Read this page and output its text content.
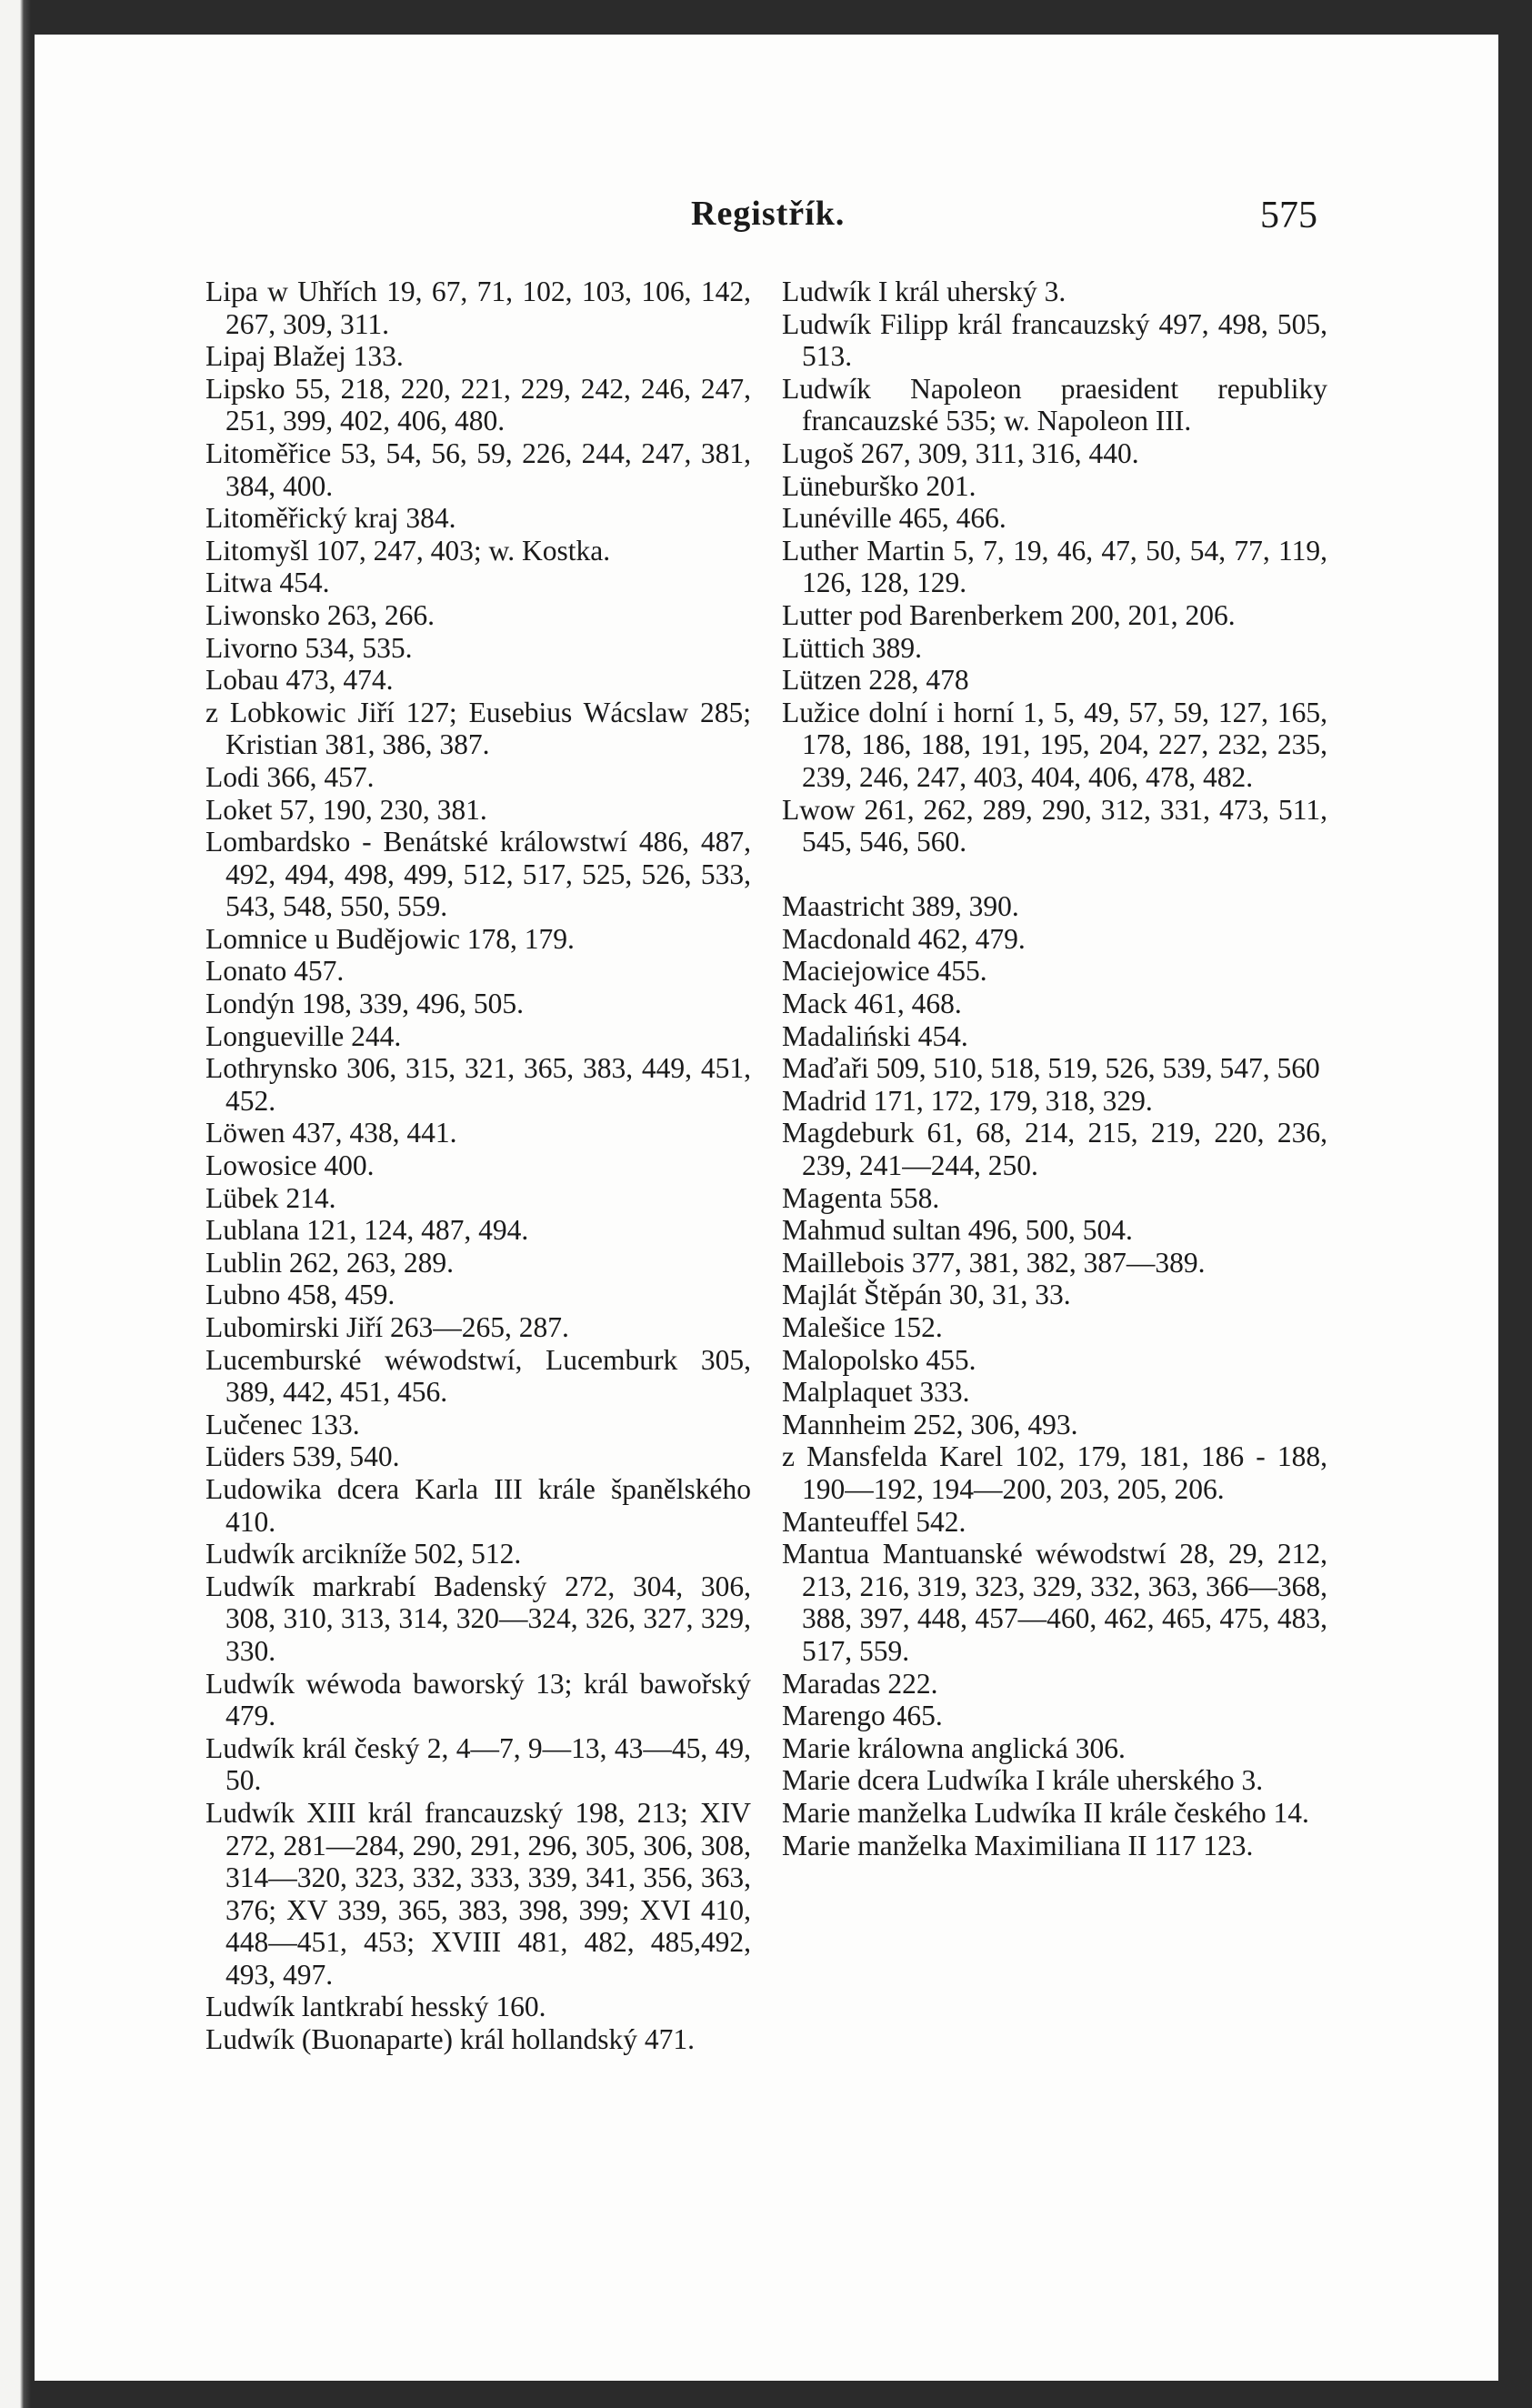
Registřík.	575

Lipa w Uhřích 19, 67, 71, 102, 103, 106, 142, 267, 309, 311.

Lipaj Blažej 133.

Lipsko 55, 218, 220, 221, 229, 242, 246, 247, 251, 399, 402, 406, 480.

Litoměřice 53, 54, 56, 59, 226, 244, 247, 381, 384, 400.

Litoměřický kraj 384.

Litomyšl 107, 247, 403; w. Kostka.

Litwa 454.

Liwonsko 263, 266.

Livorno 534, 535.

Lobau 473, 474.

z Lobkowic Jiří 127; Eusebius Wácslaw 285; Kristian 381, 386, 387.

Lodi 366, 457.

Loket 57, 190, 230, 381.

Lombardsko - Benátské králowstwí 486, 487, 492, 494, 498, 499, 512, 517, 525, 526, 533, 543, 548, 550, 559.

Lomnice u Budějowic 178, 179.

Lonato 457.

Londýn 198, 339, 496, 505.

Longueville 244.

Lothrynsko 306, 315, 321, 365, 383, 449, 451, 452.

Löwen 437, 438, 441.

Lowosice 400.

Lübek 214.

Lublana 121, 124, 487, 494.

Lublin 262, 263, 289.

Lubno 458, 459.

Lubomirski Jiří 263—265, 287.

Lucemburské wéwodstwí, Lucemburk 305, 389, 442, 451, 456.

Lučenec 133.

Lüders 539, 540.

Ludowika dcera Karla III krále španělského 410.

Ludwík arcikníže 502, 512.

Ludwík markrabí Badenský 272, 304, 306, 308, 310, 313, 314, 320—324, 326, 327, 329, 330.

Ludwík wéwoda baworský 13; král bawořský 479.

Ludwík král český 2, 4—7, 9—13, 43—45, 49, 50.

Ludwík XIII král francauzský 198, 213; XIV 272, 281—284, 290, 291, 296, 305, 306, 308, 314—320, 323, 332, 333, 339, 341, 356, 363, 376; XV 339, 365, 383, 398, 399; XVI 410, 448—451, 453; XVIII 481, 482, 485,492, 493, 497.

Ludwík lantkrabí hesský 160.

Ludwík (Buonaparte) král hollandský 471.

Ludwík I král uherský 3.

Ludwík Filipp král francauzský 497, 498, 505, 513.

Ludwík Napoleon praesident republiky francauzské 535; w. Napoleon III.

Lugoš 267, 309, 311, 316, 440.

Lüneburško 201.

Lunéville 465, 466.

Luther Martin 5, 7, 19, 46, 47, 50, 54, 77, 119, 126, 128, 129.

Lutter pod Barenberkem 200, 201, 206.

Lüttich 389.

Lützen 228, 478

Lužice dolní i horní 1, 5, 49, 57, 59, 127, 165, 178, 186, 188, 191, 195, 204, 227, 232, 235, 239, 246, 247, 403, 404, 406, 478, 482.

Lwow 261, 262, 289, 290, 312, 331, 473, 511, 545, 546, 560.

Maastricht 389, 390.

Macdonald 462, 479.

Maciejowice 455.

Mack 461, 468.

Madaliński 454.

Maďaři 509, 510, 518, 519, 526, 539, 547, 560

Madrid 171, 172, 179, 318, 329.

Magdeburk 61, 68, 214, 215, 219, 220, 236, 239, 241—244, 250.

Magenta 558.

Mahmud sultan 496, 500, 504.

Maillebois 377, 381, 382, 387—389.

Majlát Štěpán 30, 31, 33.

Malešice 152.

Malopolsko 455.

Malplaquet 333.

Mannheim 252, 306, 493.

z Mansfelda Karel 102, 179, 181, 186 - 188, 190—192, 194—200, 203, 205, 206.

Manteuffel 542.

Mantua Mantuanské wéwodstwí 28, 29, 212, 213, 216, 319, 323, 329, 332, 363, 366—368, 388, 397, 448, 457—460, 462, 465, 475, 483, 517, 559.

Maradas 222.

Marengo 465.

Marie králowna anglická 306.

Marie dcera Ludwíka I krále uherského 3.

Marie manželka Ludwíka II krále českého 14.

Marie manželka Maximiliana II 117 123.
